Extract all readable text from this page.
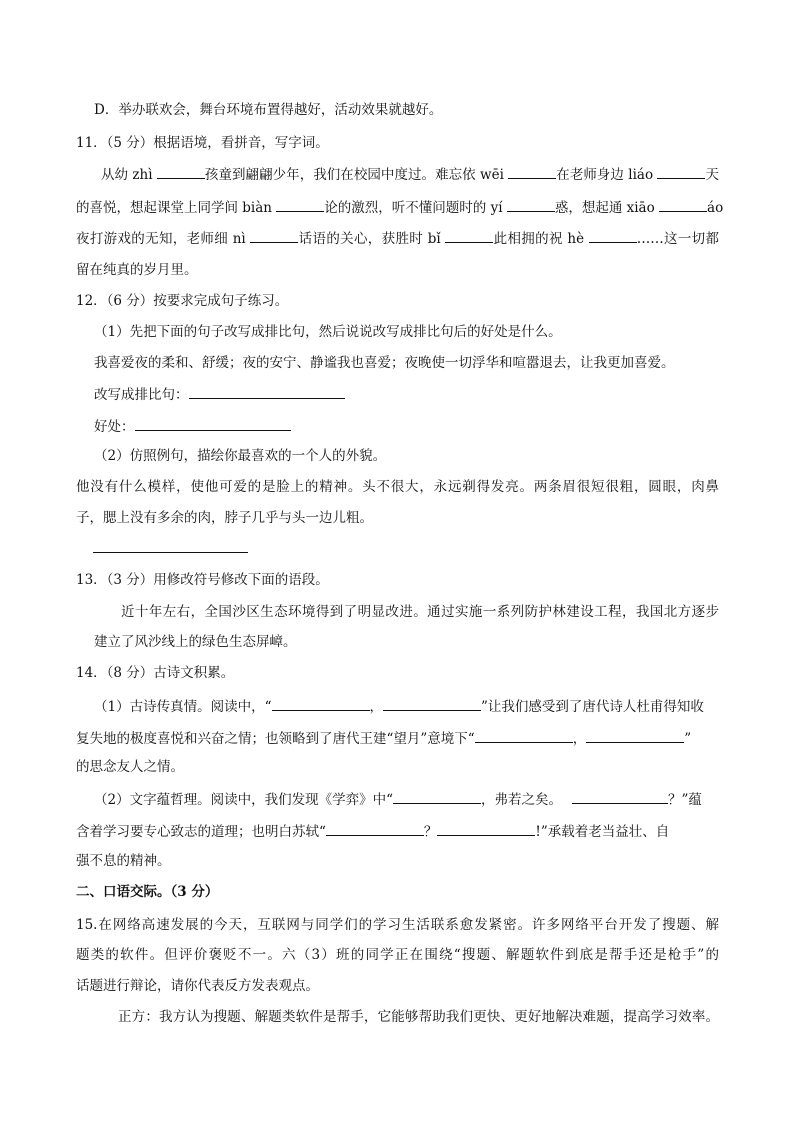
D．举办联欢会，舞台环境布置得越好，活动效果就越好。
11．（5 分）根据语境，看拼音，写字词。
从幼 zhì	孩童到翩翩少年，我们在校园中度过。难忘依 wēi	在老师身边 liáo	天
的喜悦，想起课堂上同学间 biàn	论的激烈，听不懂问题时的 yí	惑，想起通 xiāo	áo
夜打游戏的无知，老师细 nì	话语的关心，获胜时 bǐ	此相拥的祝 hè	……这一切都
留在纯真的岁月里。
12．（6 分）按要求完成句子练习。
（1）先把下面的句子改写成排比句，然后说说改写成排比句后的好处是什么。
我喜爱夜的柔和、舒缓；夜的安宁、静谧我也喜爱；夜晚使一切浮华和喧嚣退去，让我更加喜爱。
改写成排比句：
好处：
（2）仿照例句，描绘你最喜欢的一个人的外貌。
他没有什么模样，使他可爱的是脸上的精神。头不很大，永远剃得发亮。两条眉很短很粗，圆眼，肉鼻
子，腮上没有多余的肉，脖子几乎与头一边儿粗。
13．（3 分）用修改符号修改下面的语段。
近十年左右，全国沙区生态环境得到了明显改进。通过实施一系列防护林建设工程，我国北方逐步
建立了风沙线上的绿色生态屏嶂。
14．（8 分）古诗文积累。
（1）古诗传真情。阅读中，“	，	”让我们感受到了唐代诗人杜甫得知收
复失地的极度喜悦和兴奋之情；也领略到了唐代王建“望月”意境下“	，	”
的思念友人之情。
（2）文字蕴哲理。阅读中，我们发现《学弈》中“	，弗若之矣。	？”蕴
含着学习要专心致志的道理；也明白苏轼“	？	!”承载着老当益壮、自
强不息的精神。
二、口语交际。（3 分）
15.在网络高速发展的今天，互联网与同学们的学习生活联系愈发紧密。许多网络平台开发了搜题、解
题类的软件。但评价褒贬不一。六（3）班的同学正在围绕“搜题、解题软件到底是帮手还是枪手”的
话题进行辩论，请你代表反方发表观点。
正方：我方认为搜题、解题类软件是帮手，它能够帮助我们更快、更好地解决难题，提高学习效率。
